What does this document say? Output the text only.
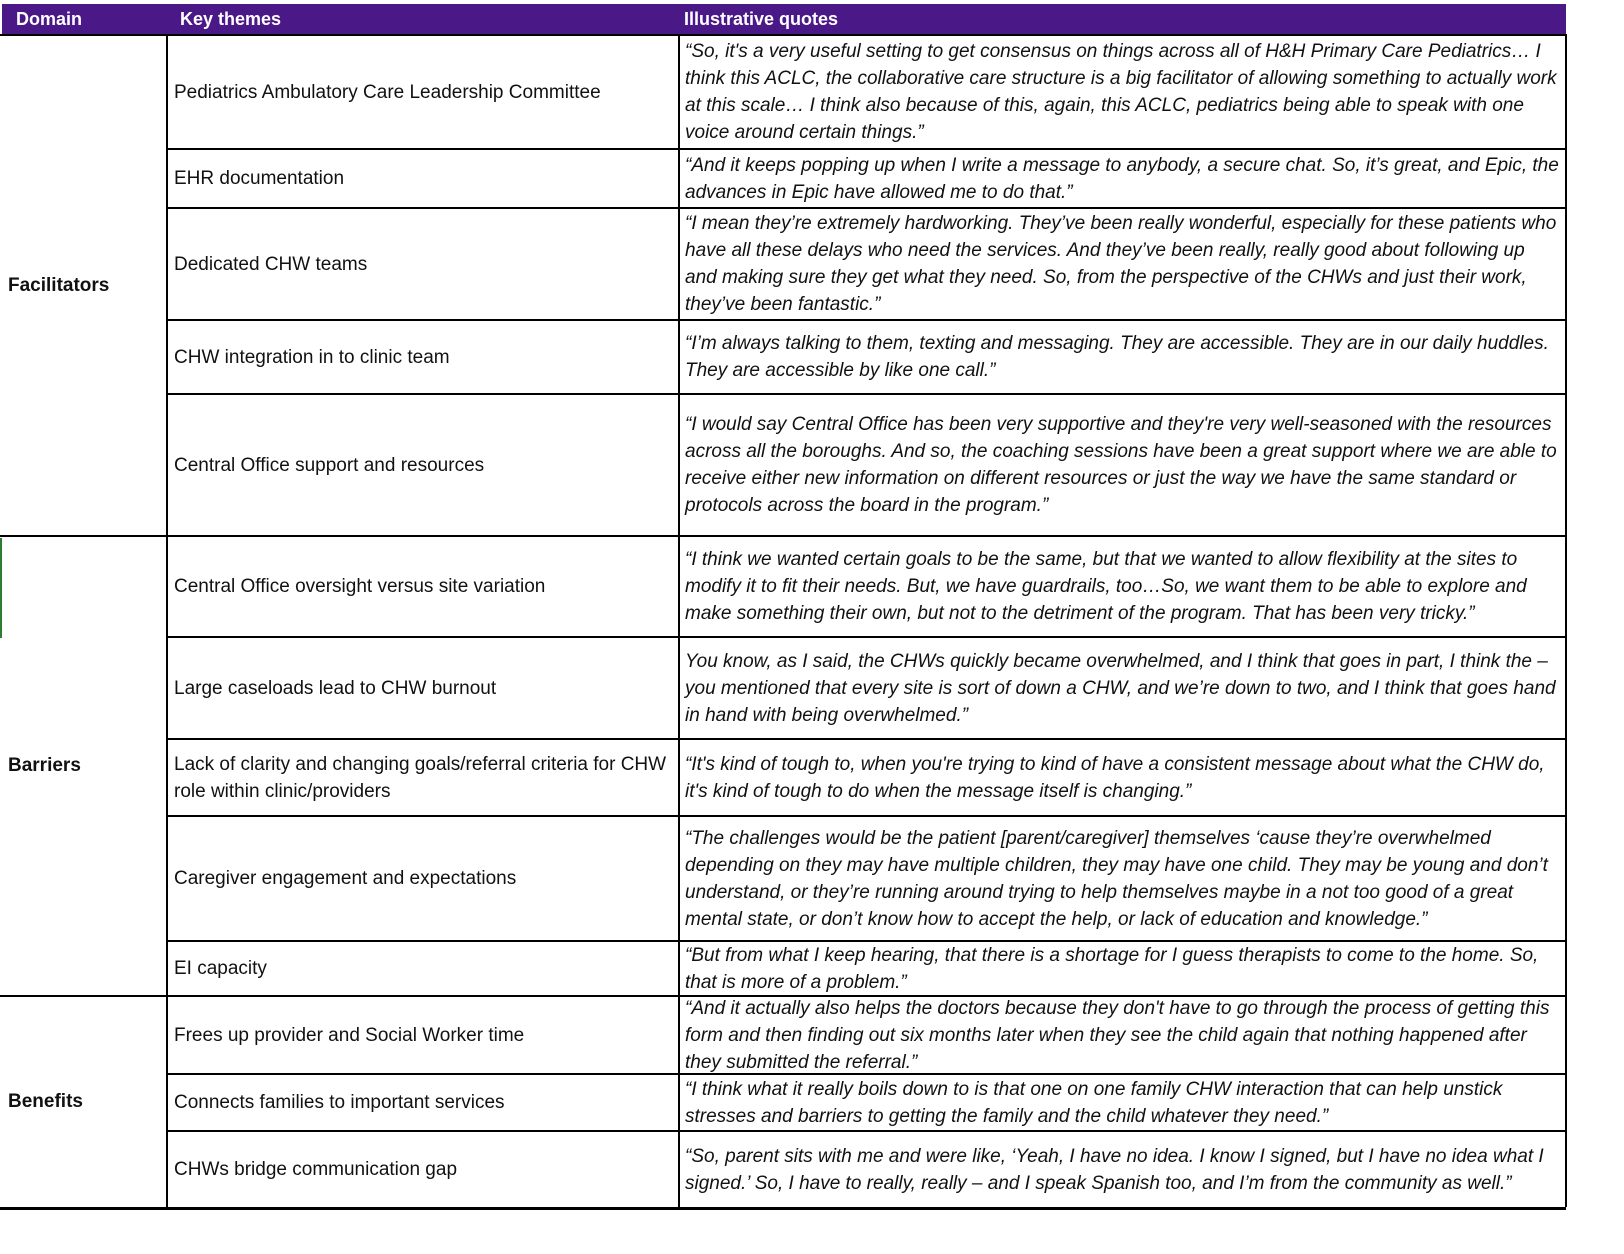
Domain	Key themes	Illustrative quotes
Pediatrics Ambulatory Care Leadership Committee
“So, it's a very useful setting to get consensus on things across all of H&H Primary Care Pediatrics… I think this ACLC, the collaborative care structure is a big facilitator of allowing something to actually work at this scale… I think also because of this, again, this ACLC, pediatrics being able to speak with one voice around certain things.”
EHR documentation
“And it keeps popping up when I write a message to anybody, a secure chat. So, it’s great, and Epic, the advances in Epic have allowed me to do that.”
Dedicated CHW teams
“I mean they’re extremely hardworking. They’ve been really wonderful, especially for these patients who have all these delays who need the services. And they’ve been really, really good about following up and making sure they get what they need. So, from the perspective of the CHWs and just their work, they’ve been fantastic.”
CHW integration in to clinic team
“I’m always talking to them, texting and messaging. They are accessible. They are in our daily huddles. They are accessible by like one call.”
Central Office support and resources
“I would say Central Office has been very supportive and they're very well-seasoned with the resources across all the boroughs. And so, the coaching sessions have been a great support where we are able to receive either new information on different resources or just the way we have the same standard or protocols across the board in the program.”
Facilitators
Central Office oversight versus site variation
“I think we wanted certain goals to be the same, but that we wanted to allow flexibility at the sites to modify it to fit their needs. But, we have guardrails, too…So, we want them to be able to explore and make something their own, but not to the detriment of the program. That has been very tricky.”
Large caseloads lead to CHW burnout
You know, as I said, the CHWs quickly became overwhelmed, and I think that goes in part, I think the – you mentioned that every site is sort of down a CHW, and we’re down to two, and I think that goes hand in hand with being overwhelmed.”
Lack of clarity and changing goals/referral criteria for CHW role within clinic/providers
“It's kind of tough to, when you're trying to kind of have a consistent message about what the CHW do, it's kind of tough to do when the message itself is changing.”
Caregiver engagement and expectations
“The challenges would be the patient [parent/caregiver] themselves ‘cause they’re overwhelmed depending on they may have multiple children, they may have one child. They may be young and don’t understand, or they’re running around trying to help themselves maybe in a not too good of a great mental state, or don’t know how to accept the help, or lack of education and knowledge.”
EI capacity
“But from what I keep hearing, that there is a shortage for I guess therapists to come to the home. So, that is more of a problem.”
Barriers
Frees up provider and Social Worker time
“And it actually also helps the doctors because they don't have to go through the process of getting this form and then finding out six months later when they see the child again that nothing happened after they submitted the referral.”
Connects families to important services
“I think what it really boils down to is that one on one family CHW interaction that can help unstick stresses and barriers to getting the family and the child whatever they need.”
CHWs bridge communication gap
“So, parent sits with me and were like, ‘Yeah, I have no idea. I know I signed, but I have no idea what I signed.’ So, I have to really, really – and I speak Spanish too, and I’m from the community as well.”
Benefits
